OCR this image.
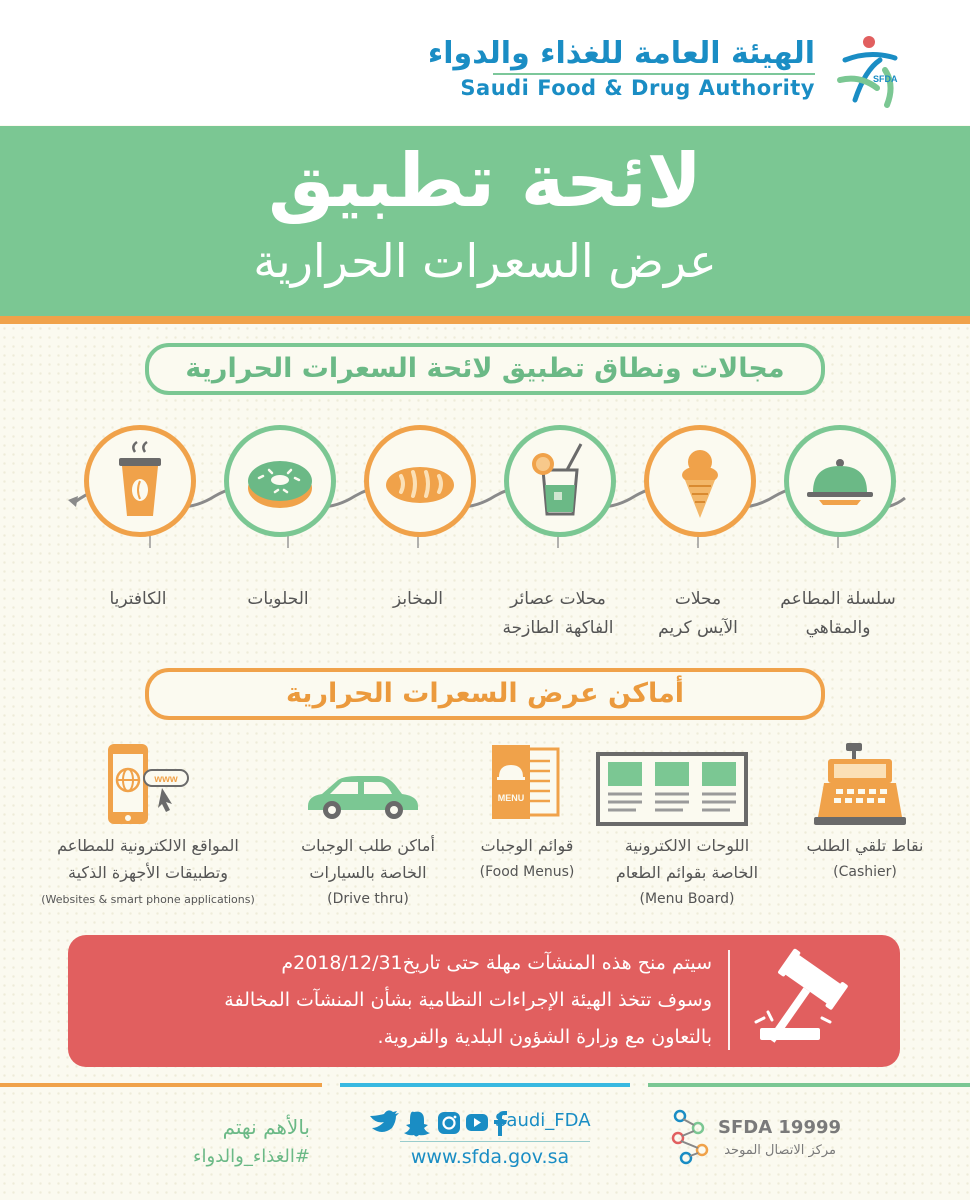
الهيئة العامة للغذاء والدواء
Saudi Food & Drug Authority	SFDA
لائحة تطبيق
عرض السعرات الحرارية
مجالات ونطاق تطبيق لائحة السعرات الحرارية
سلسلة المطاعم
والمقاهي
محلات
الآيس كريم
محلات عصائر
الفاكهة الطازجة
المخابز
الحلويات
الكافتريا
أماكن عرض السعرات الحرارية
MENU
www
نقاط تلقي الطلب
(Cashier)
اللوحات الالكترونية
الخاصة بقوائم الطعام
(Menu Board)
قوائم الوجبات
(Food Menus)
أماكن طلب الوجبات
الخاصة بالسيارات
(Drive thru)
المواقع الالكترونية للمطاعم
وتطبيقات الأجهزة الذكية
(Websites & smart phone applications)
سيتم منح هذه المنشآت مهلة حتى تاريخ2018/12/31م
وسوف تتخذ الهيئة الإجراءات النظامية بشأن المنشآت المخالفة
بالتعاون مع وزارة الشؤون البلدية والقروية.
بالأهم نهتم
#الغذاء_والدواء
Saudi_FDA
www.sfda.gov.sa
SFDA 19999
مركز الاتصال الموحد
